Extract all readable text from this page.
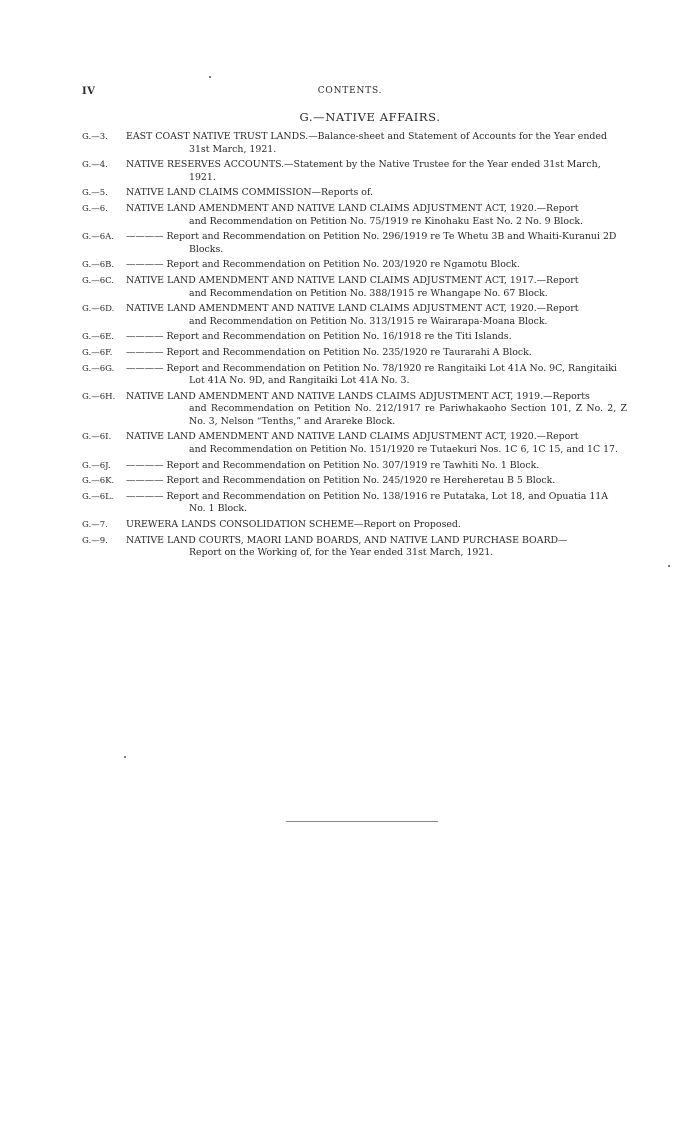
IV	CONTENTS.
G.—NATIVE AFFAIRS.
G.—3.	EAST COAST NATIVE TRUST LANDS.—Balance-sheet and Statement of Accounts for the Year ended
31st March, 1921.
G.—4.	NATIVE RESERVES ACCOUNTS.—Statement by the Native Trustee for the Year ended 31st March,
1921.
G.—5.	NATIVE LAND CLAIMS COMMISSION—Reports of.
G.—6.	NATIVE LAND AMENDMENT AND NATIVE LAND CLAIMS ADJUSTMENT ACT, 1920.—Report
and Recommendation on Petition No. 75/1919 re Kinohaku East No. 2 No. 9 Block.
G.—6A.	———— Report and Recommendation on Petition No. 296/1919 re Te Whetu 3B and Whaiti-Kuranui 2D
Blocks.
G.—6B.	———— Report and Recommendation on Petition No. 203/1920 re Ngamotu Block.
G.—6C.	NATIVE LAND AMENDMENT AND NATIVE LAND CLAIMS ADJUSTMENT ACT, 1917.—Report
and Recommendation on Petition No. 388/1915 re Whangape No. 67 Block.
G.—6D.	NATIVE LAND AMENDMENT AND NATIVE LAND CLAIMS ADJUSTMENT ACT, 1920.—Report
and Recommendation on Petition No. 313/1915 re Wairarapa-Moana Block.
G.—6E.	———— Report and Recommendation on Petition No. 16/1918 re the Titi Islands.
G.—6F.	———— Report and Recommendation on Petition No. 235/1920 re Taurarahi A Block.
G.—6G.	———— Report and Recommendation on Petition No. 78/1920 re Rangitaiki Lot 41A No. 9C, Rangitaiki
Lot 41A No. 9D, and Rangitaiki Lot 41A No. 3.
G.—6H.	NATIVE LAND AMENDMENT AND NATIVE LANDS CLAIMS ADJUSTMENT ACT, 1919.—Reports
and Recommendation on Petition No. 212/1917 re Pariwhakaoho Section 101, Z No. 2, Z No. 3, Nelson “Tenths,” and Arareke Block.
G.—6I.	NATIVE LAND AMENDMENT AND NATIVE LAND CLAIMS ADJUSTMENT ACT, 1920.—Report
and Recommendation on Petition No. 151/1920 re Tutaekuri Nos. 1C 6, 1C 15, and 1C 17.
G.—6J.	———— Report and Recommendation on Petition No. 307/1919 re Tawhiti No. 1 Block.
G.—6K.	———— Report and Recommendation on Petition No. 245/1920 re Hereheretau B 5 Block.
G.—6L.	———— Report and Recommendation on Petition No. 138/1916 re Putataka, Lot 18, and Opuatia 11A
No. 1 Block.
G.—7.	UREWERA LANDS CONSOLIDATION SCHEME—Report on Proposed.
G.—9.	NATIVE LAND COURTS, MAORI LAND BOARDS, AND NATIVE LAND PURCHASE BOARD—
Report on the Working of, for the Year ended 31st March, 1921.
